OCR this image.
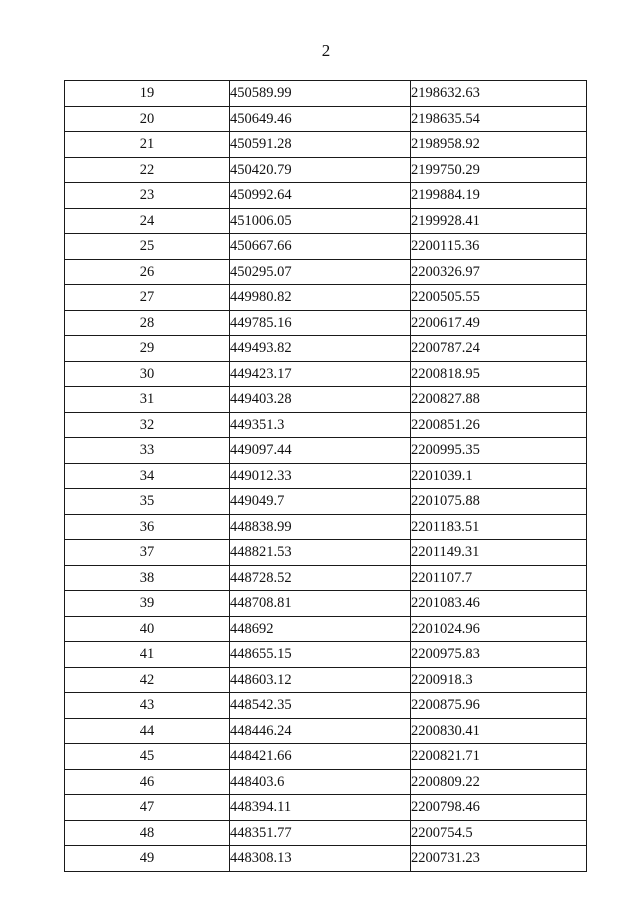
2
19	450589.99	2198632.63
20	450649.46	2198635.54
21	450591.28	2198958.92
22	450420.79	2199750.29
23	450992.64	2199884.19
24	451006.05	2199928.41
25	450667.66	2200115.36
26	450295.07	2200326.97
27	449980.82	2200505.55
28	449785.16	2200617.49
29	449493.82	2200787.24
30	449423.17	2200818.95
31	449403.28	2200827.88
32	449351.3	2200851.26
33	449097.44	2200995.35
34	449012.33	2201039.1
35	449049.7	2201075.88
36	448838.99	2201183.51
37	448821.53	2201149.31
38	448728.52	2201107.7
39	448708.81	2201083.46
40	448692	2201024.96
41	448655.15	2200975.83
42	448603.12	2200918.3
43	448542.35	2200875.96
44	448446.24	2200830.41
45	448421.66	2200821.71
46	448403.6	2200809.22
47	448394.11	2200798.46
48	448351.77	2200754.5
49	448308.13	2200731.23
